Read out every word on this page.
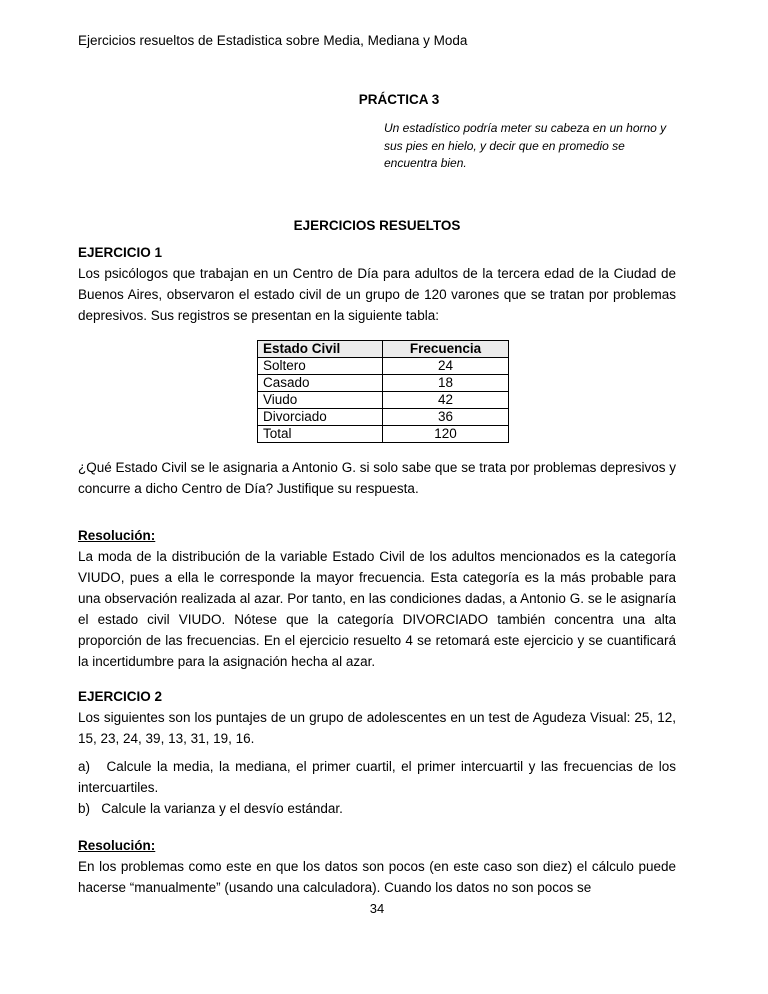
Ejercicios resueltos de Estadistica sobre Media, Mediana y Moda
PRÁCTICA 3
Un estadístico podría meter su cabeza en un horno y sus pies en hielo, y decir que en promedio se encuentra bien.
EJERCICIOS RESUELTOS
EJERCICIO 1

Los psicólogos que trabajan en un Centro de Día para adultos de la tercera edad de la Ciudad de Buenos Aires, observaron el estado civil de un grupo de 120 varones que se tratan por problemas depresivos. Sus registros se presentan en la siguiente tabla:

Estado Civil	Frecuencia
Soltero	24
Casado	18
Viudo	42
Divorciado	36
Total	120

¿Qué Estado Civil se le asignaria a Antonio G. si solo sabe que se trata por problemas depresivos y concurre a dicho Centro de Día? Justifique su respuesta.

Resolución:

La moda de la distribución de la variable Estado Civil de los adultos mencionados es la categoría VIUDO, pues a ella le corresponde la mayor frecuencia. Esta categoría es la más probable para una observación realizada al azar. Por tanto, en las condiciones dadas, a Antonio G. se le asignaría el estado civil VIUDO. Nótese que la categoría DIVORCIADO también concentra una alta proporción de las frecuencias. En el ejercicio resuelto 4 se retomará este ejercicio y se cuantificará la incertidumbre para la asignación hecha al azar.

EJERCICIO 2

Los siguientes son los puntajes de un grupo de adolescentes en un test de Agudeza Visual: 25, 12, 15, 23, 24, 39, 13, 31, 19, 16.

a)   Calcule la media, la mediana, el primer cuartil, el primer intercuartil y las frecuencias de los intercuartiles.

b)   Calcule la varianza y el desvío estándar.

Resolución:

En los problemas como este en que los datos son pocos (en este caso son diez) el cálculo puede hacerse “manualmente” (usando una calculadora). Cuando los datos no son pocos se

34
